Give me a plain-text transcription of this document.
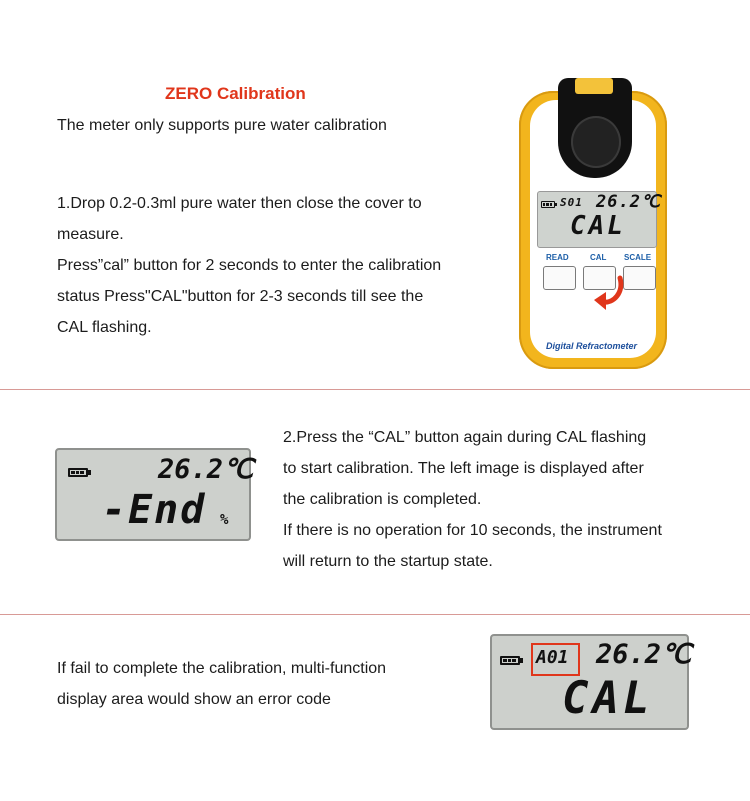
ZERO Calibration
The meter only supports pure water calibration
1.Drop 0.2-0.3ml pure water then close the cover to
measure.
Press”cal” button for 2 seconds to enter the calibration
status Press"CAL"button for 2-3 seconds till see the
CAL flashing.
S01 26.2℃
CAL
READ	CAL SCALE
Digital Refractometer
26.2℃
-End %
2.Press the “CAL” button again during CAL flashing
to start calibration. The left image is displayed after
the calibration is completed.
If there is no operation for 10 seconds, the instrument
will return to the startup state.
If fail to complete the calibration, multi-function
display area would show an error code
A01 26.2℃
CAL
